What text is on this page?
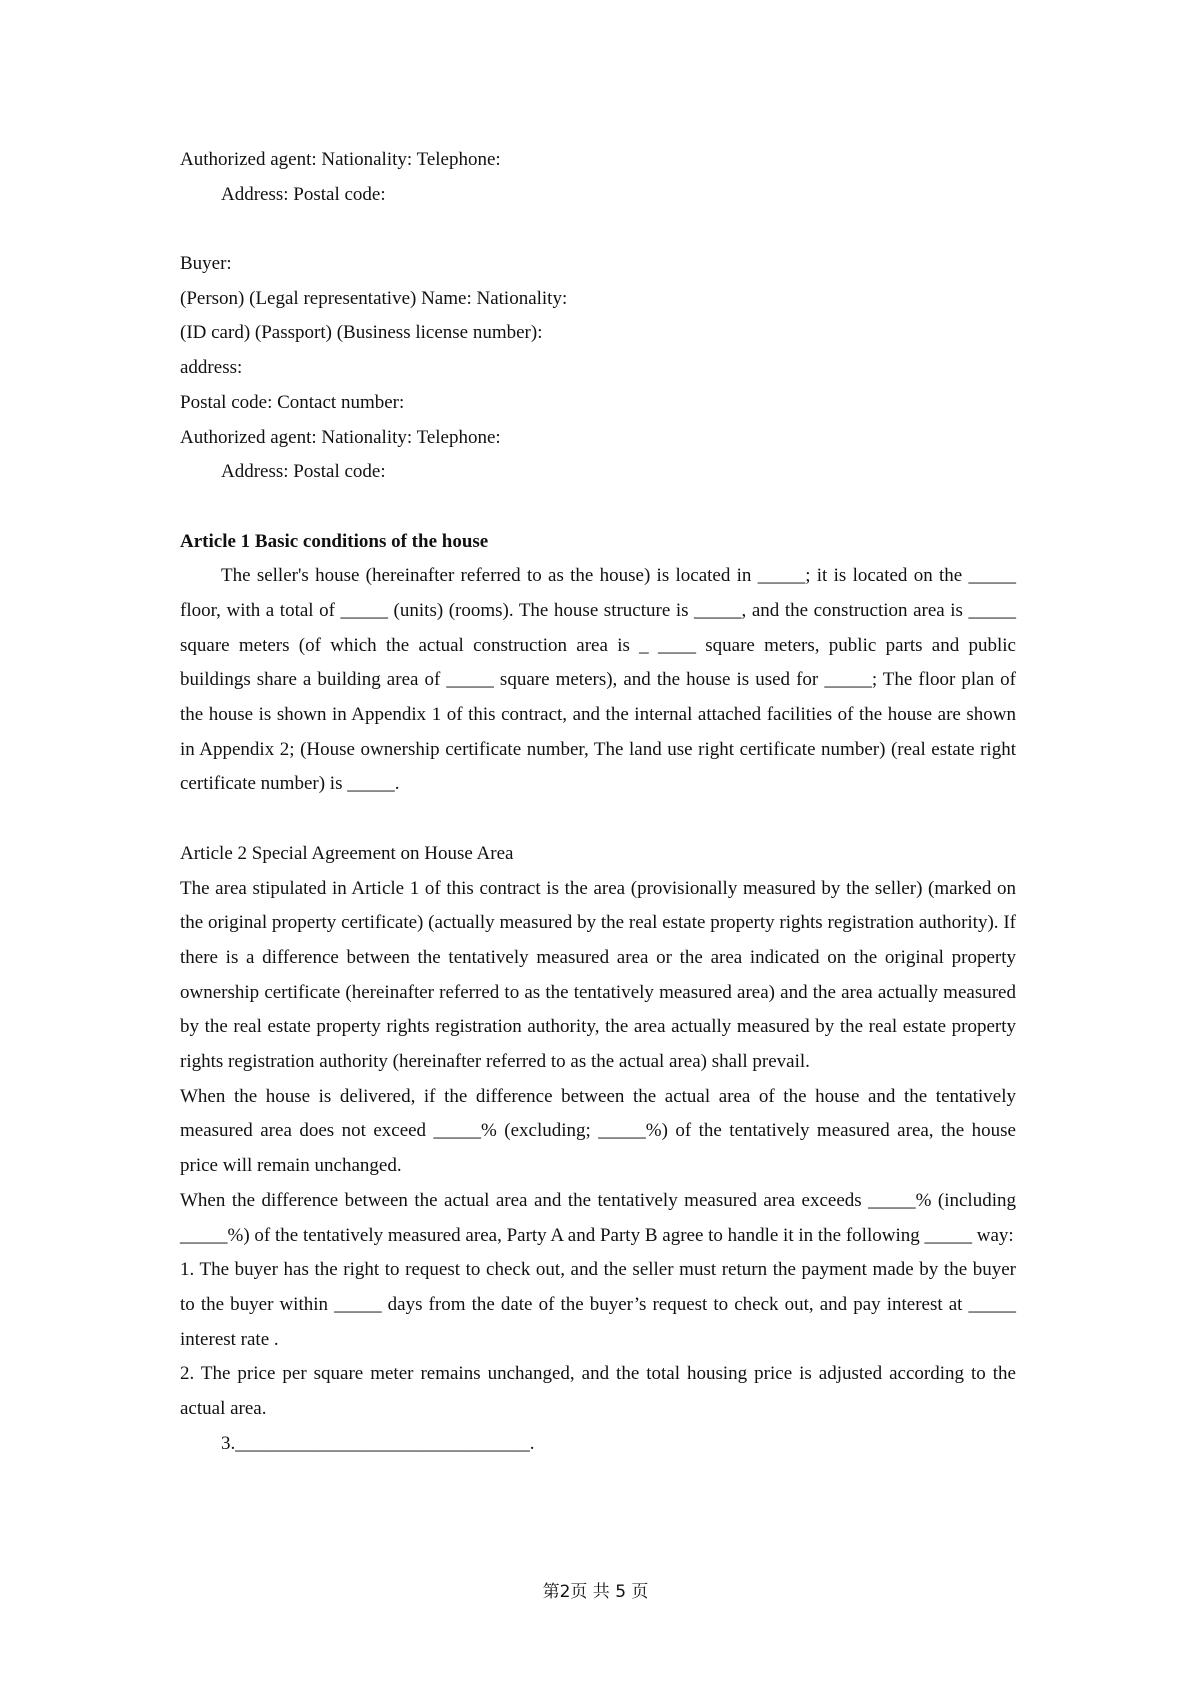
Authorized agent: Nationality: Telephone:
Address: Postal code:
Buyer:
(Person) (Legal representative) Name: Nationality:
(ID card) (Passport) (Business license number):
address:
Postal code: Contact number:
Authorized agent: Nationality: Telephone:
Address: Postal code:
Article 1 Basic conditions of the house
The seller's house (hereinafter referred to as the house) is located in _____; it is located on the _____ floor, with a total of _____ (units) (rooms). The house structure is _____, and the construction area is _____ square meters (of which the actual construction area is _ ____ square meters, public parts and public buildings share a building area of _____ square meters), and the house is used for _____; The floor plan of the house is shown in Appendix 1 of this contract, and the internal attached facilities of the house are shown in Appendix 2; (House ownership certificate number, The land use right certificate number) (real estate right certificate number) is _____.
Article 2 Special Agreement on House Area
The area stipulated in Article 1 of this contract is the area (provisionally measured by the seller) (marked on the original property certificate) (actually measured by the real estate property rights registration authority). If there is a difference between the tentatively measured area or the area indicated on the original property ownership certificate (hereinafter referred to as the tentatively measured area) and the area actually measured by the real estate property rights registration authority, the area actually measured by the real estate property rights registration authority (hereinafter referred to as the actual area) shall prevail.
When the house is delivered, if the difference between the actual area of the house and the tentatively measured area does not exceed _____% (excluding; _____%) of the tentatively measured area, the house price will remain unchanged.
When the difference between the actual area and the tentatively measured area exceeds _____% (including _____%) of the tentatively measured area, Party A and Party B agree to handle it in the following _____ way:
1. The buyer has the right to request to check out, and the seller must return the payment made by the buyer to the buyer within _____ days from the date of the buyer’s request to check out, and pay interest at _____ interest rate .
2. The price per square meter remains unchanged, and the total housing price is adjusted according to the actual area.
3._______________________________.
第2页 共 5 页
